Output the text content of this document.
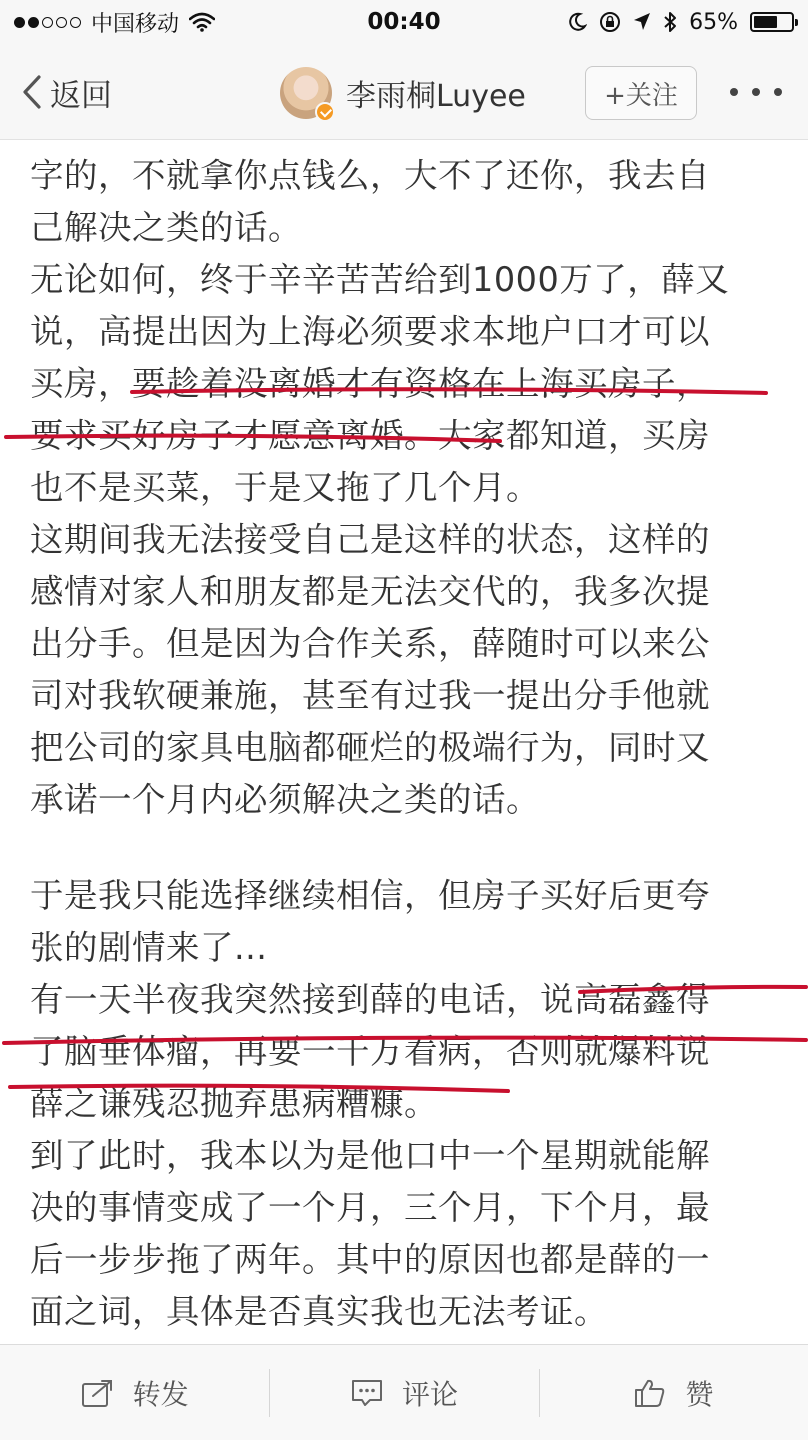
中国移动	00:40	65%
返回	李雨桐Luyee	+关注
字的，不就拿你点钱么，大不了还你，我去自
己解决之类的话。
无论如何，终于辛辛苦苦给到1000万了，薛又
说，高提出因为上海必须要求本地户口才可以
买房，要趁着没离婚才有资格在上海买房子，
要求买好房子才愿意离婚。大家都知道，买房
也不是买菜，于是又拖了几个月。
这期间我无法接受自己是这样的状态，这样的
感情对家人和朋友都是无法交代的，我多次提
出分手。但是因为合作关系，薛随时可以来公
司对我软硬兼施，甚至有过我一提出分手他就
把公司的家具电脑都砸烂的极端行为，同时又
承诺一个月内必须解决之类的话。
于是我只能选择继续相信，但房子买好后更夸
张的剧情来了...
有一天半夜我突然接到薛的电话，说高磊鑫得
了脑垂体瘤，再要一千万看病，否则就爆料说
薛之谦残忍抛弃患病糟糠。
到了此时，我本以为是他口中一个星期就能解
决的事情变成了一个月，三个月，下个月，最
后一步步拖了两年。其中的原因也都是薛的一
面之词，具体是否真实我也无法考证。
转发	评论	赞
